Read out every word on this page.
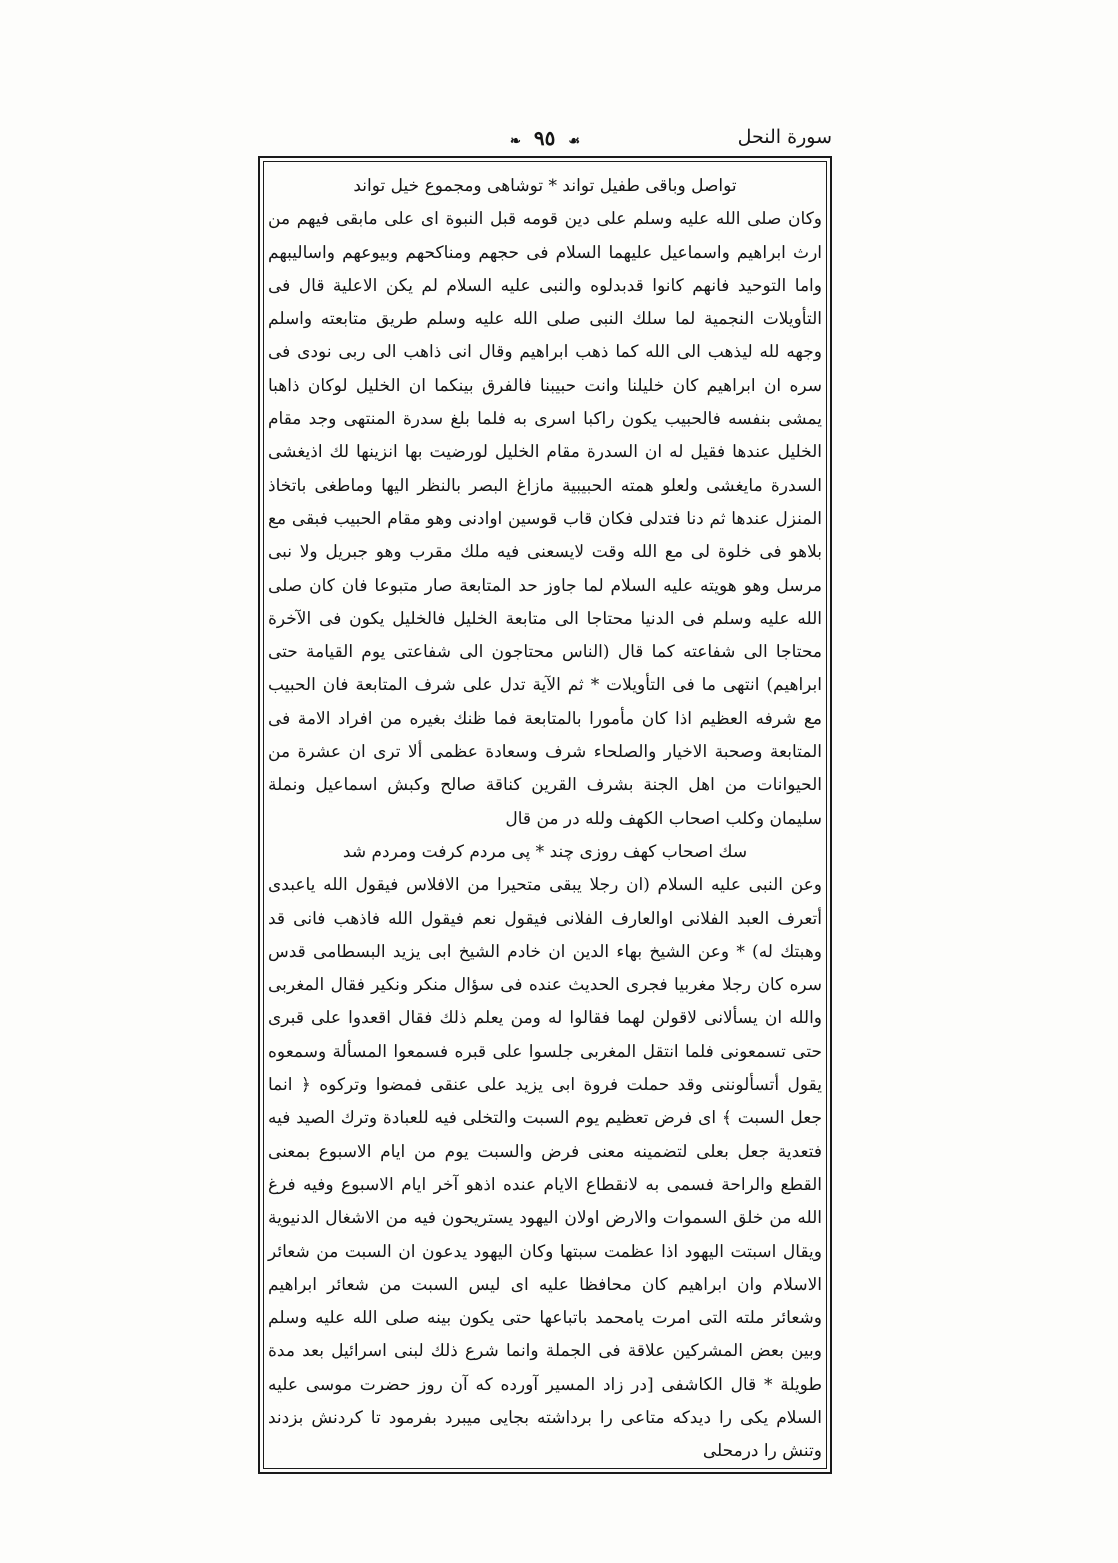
سورة النحل
☙ ٩٥ ❧

تواصل وباقى طفيل تواند * توشاهى ومجموع خيل تواند

وكان صلى الله عليه وسلم على دين قومه قبل النبوة اى على مابقى فيهم من ارث ابراهيم واسماعيل عليهما السلام فى حجهم ومناكحهم وبيوعهم واساليبهم واما التوحيد فانهم كانوا قدبدلوه والنبى عليه السلام لم يكن الاعلية قال فى التأويلات النجمية لما سلك النبى صلى الله عليه وسلم طريق متابعته واسلم وجهه لله ليذهب الى الله كما ذهب ابراهيم وقال انى ذاهب الى ربى نودى فى سره ان ابراهيم كان خليلنا وانت حبيبنا فالفرق بينكما ان الخليل لوكان ذاهبا يمشى بنفسه فالحبيب يكون راكبا اسرى به فلما بلغ سدرة المنتهى وجد مقام الخليل عندها فقيل له ان السدرة مقام الخليل لورضيت بها انزينها لك اذيغشى السدرة مايغشى ولعلو همته الحبيبية مازاغ البصر بالنظر اليها وماطغى باتخاذ المنزل عندها ثم دنا فتدلى فكان قاب قوسين اوادنى وهو مقام الحبيب فبقى مع بلاهو فى خلوة لى مع الله وقت لايسعنى فيه ملك مقرب وهو جبريل ولا نبى مرسل وهو هويته عليه السلام لما جاوز حد المتابعة صار متبوعا فان كان صلى الله عليه وسلم فى الدنيا محتاجا الى متابعة الخليل فالخليل يكون فى الآخرة محتاجا الى شفاعته كما قال (الناس محتاجون الى شفاعتى يوم القيامة حتى ابراهيم) انتهى ما فى التأويلات * ثم الآية تدل على شرف المتابعة فان الحبيب مع شرفه العظيم اذا كان مأمورا بالمتابعة فما ظنك بغيره من افراد الامة فى المتابعة وصحبة الاخيار والصلحاء شرف وسعادة عظمى ألا ترى ان عشرة من الحيوانات من اهل الجنة بشرف القرين كناقة صالح وكبش اسماعيل ونملة سليمان وكلب اصحاب الكهف ولله در من قال

سك اصحاب كهف روزى چند * پى مردم كرفت ومردم شد

وعن النبى عليه السلام (ان رجلا يبقى متحيرا من الافلاس فيقول الله ياعبدى أتعرف العبد الفلانى اوالعارف الفلانى فيقول نعم فيقول الله فاذهب فانى قد وهبتك له) * وعن الشيخ بهاء الدين ان خادم الشيخ ابى يزيد البسطامى قدس سره كان رجلا مغربيا فجرى الحديث عنده فى سؤال منكر ونكير فقال المغربى والله ان يسألانى لاقولن لهما فقالوا له ومن يعلم ذلك فقال اقعدوا على قبرى حتى تسمعونى فلما انتقل المغربى جلسوا على قبره فسمعوا المسألة وسمعوه يقول أتسألوننى وقد حملت فروة ابى يزيد على عنقى فمضوا وتركوه ﴿ انما جعل السبت ﴾ اى فرض تعظيم يوم السبت والتخلى فيه للعبادة وترك الصيد فيه فتعدية جعل بعلى لتضمينه معنى فرض والسبت يوم من ايام الاسبوع بمعنى القطع والراحة فسمى به لانقطاع الايام عنده اذهو آخر ايام الاسبوع وفيه فرغ الله من خلق السموات والارض اولان اليهود يستريحون فيه من الاشغال الدنيوية ويقال اسبتت اليهود اذا عظمت سبتها وكان اليهود يدعون ان السبت من شعائر الاسلام وان ابراهيم كان محافظا عليه اى ليس السبت من شعائر ابراهيم وشعائر ملته التى امرت يامحمد باتباعها حتى يكون بينه صلى الله عليه وسلم وبين بعض المشركين علاقة فى الجملة وانما شرع ذلك لبنى اسرائيل بعد مدة طويلة * قال الكاشفى [در زاد المسير آورده كه آن روز حضرت موسى عليه السلام يكى را ديدكه متاعى را برداشته بجايى ميبرد بفرمود تا كردنش بزدند وتنش را درمحلى
